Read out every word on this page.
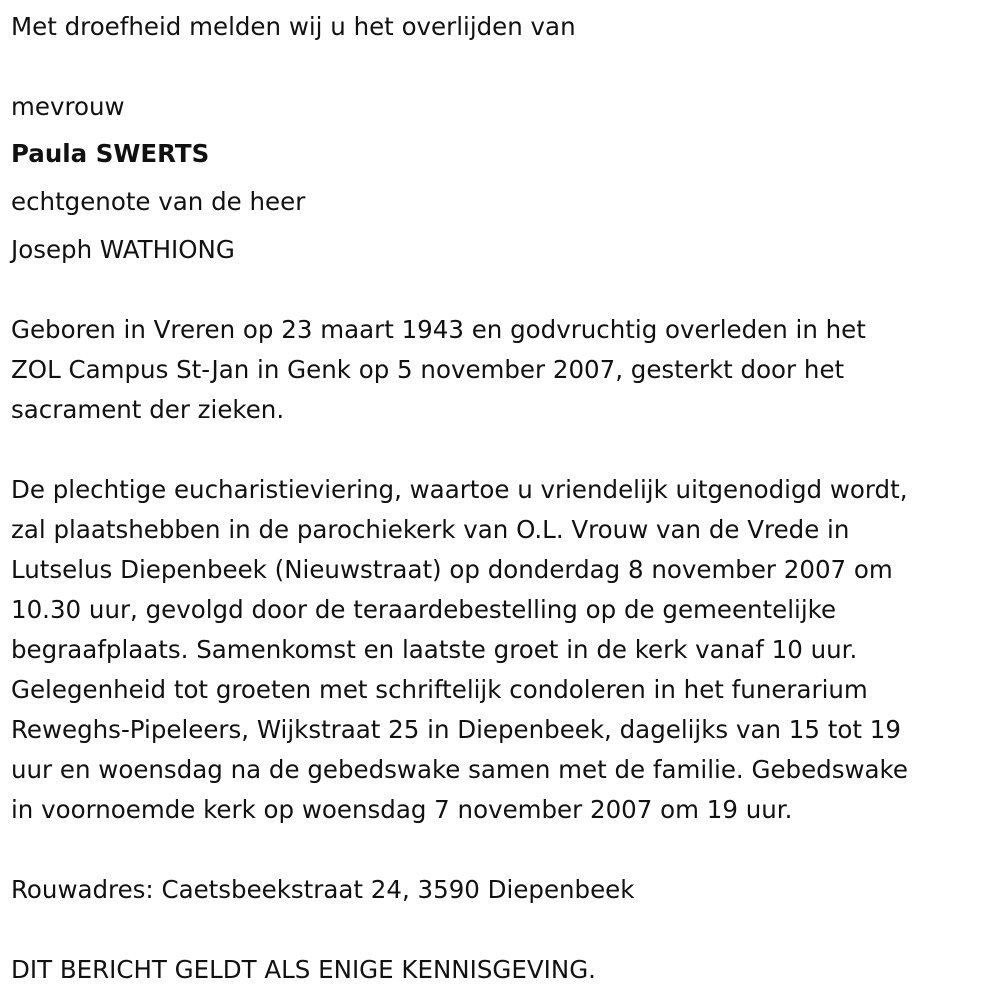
Met droefheid melden wij u het overlijden van
mevrouw
Paula SWERTS
echtgenote van de heer
Joseph WATHIONG
Geboren in Vreren op 23 maart 1943 en godvruchtig overleden in het
ZOL Campus St-Jan in Genk op 5 november 2007, gesterkt door het
sacrament der zieken.
De plechtige eucharistieviering, waartoe u vriendelijk uitgenodigd wordt,
zal plaatshebben in de parochiekerk van O.L. Vrouw van de Vrede in
Lutselus Diepenbeek (Nieuwstraat) op donderdag 8 november 2007 om
10.30 uur, gevolgd door de teraardebestelling op de gemeentelijke
begraafplaats. Samenkomst en laatste groet in de kerk vanaf 10 uur.
Gelegenheid tot groeten met schriftelijk condoleren in het funerarium
Reweghs-Pipeleers, Wijkstraat 25 in Diepenbeek, dagelijks van 15 tot 19
uur en woensdag na de gebedswake samen met de familie. Gebedswake
in voornoemde kerk op woensdag 7 november 2007 om 19 uur.
Rouwadres: Caetsbeekstraat 24, 3590 Diepenbeek
DIT BERICHT GELDT ALS ENIGE KENNISGEVING.
